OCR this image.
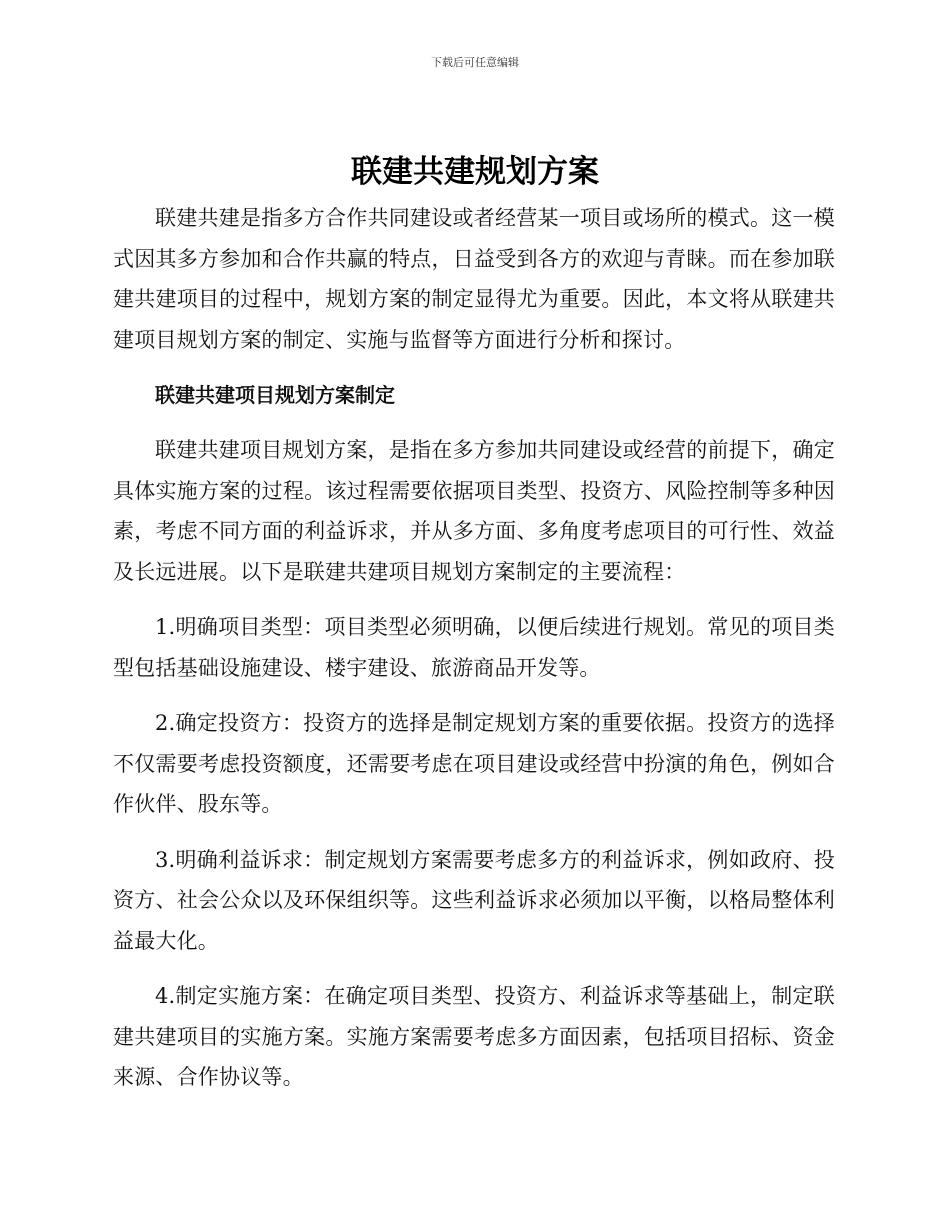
下载后可任意编辑
联建共建规划方案

联建共建是指多方合作共同建设或者经营某一项目或场所的模式。这一模式因其多方参加和合作共赢的特点，日益受到各方的欢迎与青睐。而在参加联建共建项目的过程中，规划方案的制定显得尤为重要。因此，本文将从联建共建项目规划方案的制定、实施与监督等方面进行分析和探讨。

联建共建项目规划方案制定

联建共建项目规划方案，是指在多方参加共同建设或经营的前提下，确定具体实施方案的过程。该过程需要依据项目类型、投资方、风险控制等多种因素，考虑不同方面的利益诉求，并从多方面、多角度考虑项目的可行性、效益及长远进展。以下是联建共建项目规划方案制定的主要流程：

1.明确项目类型：项目类型必须明确，以便后续进行规划。常见的项目类型包括基础设施建设、楼宇建设、旅游商品开发等。

2.确定投资方：投资方的选择是制定规划方案的重要依据。投资方的选择不仅需要考虑投资额度，还需要考虑在项目建设或经营中扮演的角色，例如合作伙伴、股东等。

3.明确利益诉求：制定规划方案需要考虑多方的利益诉求，例如政府、投资方、社会公众以及环保组织等。这些利益诉求必须加以平衡，以格局整体利益最大化。

4.制定实施方案：在确定项目类型、投资方、利益诉求等基础上，制定联建共建项目的实施方案。实施方案需要考虑多方面因素，包括项目招标、资金来源、合作协议等。
